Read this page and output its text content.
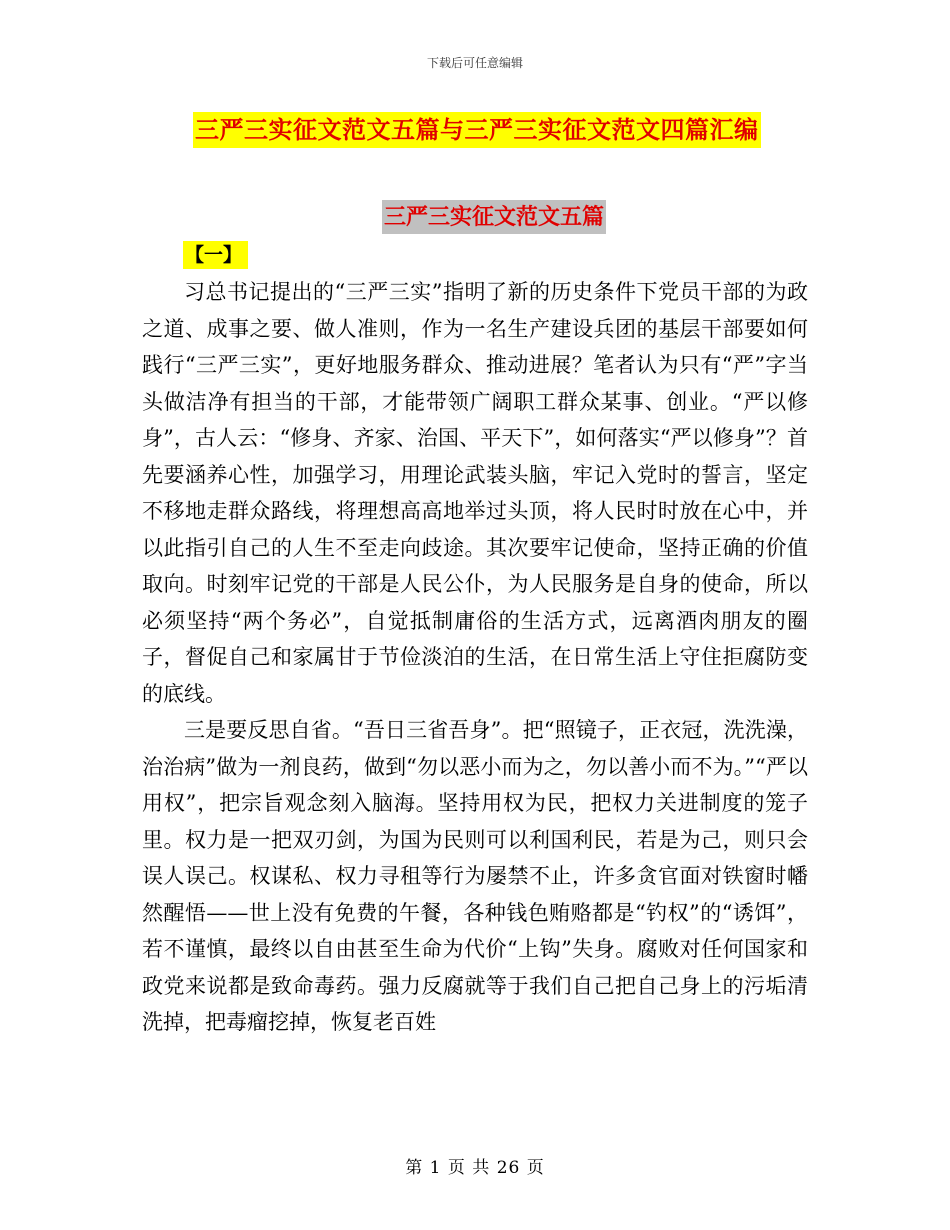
下载后可任意编辑
三严三实征文范文五篇与三严三实征文范文四篇汇编
三严三实征文范文五篇
【一】

习总书记提出的“三严三实”指明了新的历史条件下党员干部的为政之道、成事之要、做人准则，作为一名生产建设兵团的基层干部要如何践行“三严三实”，更好地服务群众、推动进展？笔者认为只有“严”字当头做洁净有担当的干部，才能带领广阔职工群众某事、创业。“严以修身”，古人云：“修身、齐家、治国、平天下”，如何落实“严以修身”？首先要涵养心性，加强学习，用理论武装头脑，牢记入党时的誓言，坚定不移地走群众路线，将理想高高地举过头顶，将人民时时放在心中，并以此指引自己的人生不至走向歧途。其次要牢记使命，坚持正确的价值取向。时刻牢记党的干部是人民公仆，为人民服务是自身的使命，所以必须坚持“两个务必”，自觉抵制庸俗的生活方式，远离酒肉朋友的圈子，督促自己和家属甘于节俭淡泊的生活，在日常生活上守住拒腐防变的底线。

三是要反思自省。“吾日三省吾身”。把“照镜子，正衣冠，洗洗澡，治治病”做为一剂良药，做到“勿以恶小而为之，勿以善小而不为。”“严以用权”，把宗旨观念刻入脑海。坚持用权为民，把权力关进制度的笼子里。权力是一把双刃剑，为国为民则可以利国利民，若是为己，则只会误人误己。权谋私、权力寻租等行为屡禁不止，许多贪官面对铁窗时幡然醒悟——世上没有免费的午餐，各种钱色贿赂都是“钓权”的“诱饵”，若不谨慎，最终以自由甚至生命为代价“上钩”失身。腐败对任何国家和政党来说都是致命毒药。强力反腐就等于我们自己把自己身上的污垢清洗掉，把毒瘤挖掉，恢复老百姓

第 1 页 共 26 页
